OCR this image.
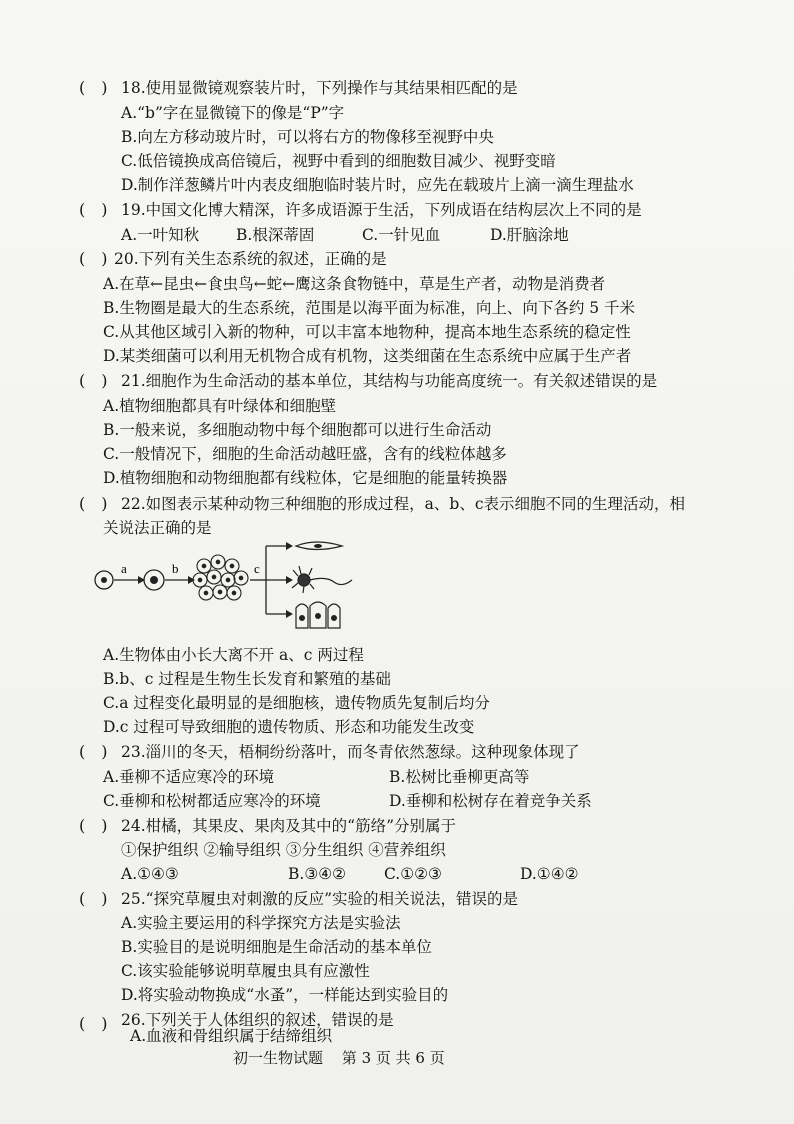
(　) 18.使用显微镜观察装片时，下列操作与其结果相匹配的是
A.“b”字在显微镜下的像是“P”字
B.向左方移动玻片时，可以将右方的物像移至视野中央
C.低倍镜换成高倍镜后，视野中看到的细胞数目减少、视野变暗
D.制作洋葱鳞片叶内表皮细胞临时装片时，应先在载玻片上滴一滴生理盐水
(　) 19.中国文化博大精深，许多成语源于生活，下列成语在结构层次上不同的是
A.一叶知秋 B.根深蒂固	C.一针见血	D.肝脑涂地
(　) 20.下列有关生态系统的叙述，正确的是
A.在草←昆虫←食虫鸟←蛇←鹰这条食物链中，草是生产者，动物是消费者
B.生物圈是最大的生态系统，范围是以海平面为标准，向上、向下各约 5 千米
C.从其他区域引入新的物种，可以丰富本地物种，提高本地生态系统的稳定性
D.某类细菌可以利用无机物合成有机物，这类细菌在生态系统中应属于生产者
(　) 21.细胞作为生命活动的基本单位，其结构与功能高度统一。有关叙述错误的是
A.植物细胞都具有叶绿体和细胞壁
B.一般来说，多细胞动物中每个细胞都可以进行生命活动
C.一般情况下，细胞的生命活动越旺盛，含有的线粒体越多
D.植物细胞和动物细胞都有线粒体，它是细胞的能量转换器
(　) 22.如图表示某种动物三种细胞的形成过程，a、b、c表示细胞不同的生理活动，相
关说法正确的是
a	b	c
A.生物体由小长大离不开 a、c 两过程
B.b、c 过程是生物生长发育和繁殖的基础
C.a 过程变化最明显的是细胞核，遗传物质先复制后均分
D.c 过程可导致细胞的遗传物质、形态和功能发生改变
(　) 23.淄川的冬天，梧桐纷纷落叶，而冬青依然葱绿。这种现象体现了
A.垂柳不适应寒冷的环境	B.松树比垂柳更高等
C.垂柳和松树都适应寒冷的环境	D.垂柳和松树存在着竞争关系
(　) 24.柑橘，其果皮、果肉及其中的“筋络”分别属于
①保护组织 ②输导组织 ③分生组织 ④营养组织
A.①④③	B.③④② C.①②③	D.①④②
(　) 25.“探究草履虫对刺激的反应”实验的相关说法，错误的是
A.实验主要运用的科学探究方法是实验法
B.实验目的是说明细胞是生命活动的基本单位
C.该实验能够说明草履虫具有应激性
D.将实验动物换成“水蚤”，一样能达到实验目的
(　) 26.下列关于人体组织的叙述，错误的是
A.血液和骨组织属于结缔组织
初一生物试题 第 3 页 共 6 页
